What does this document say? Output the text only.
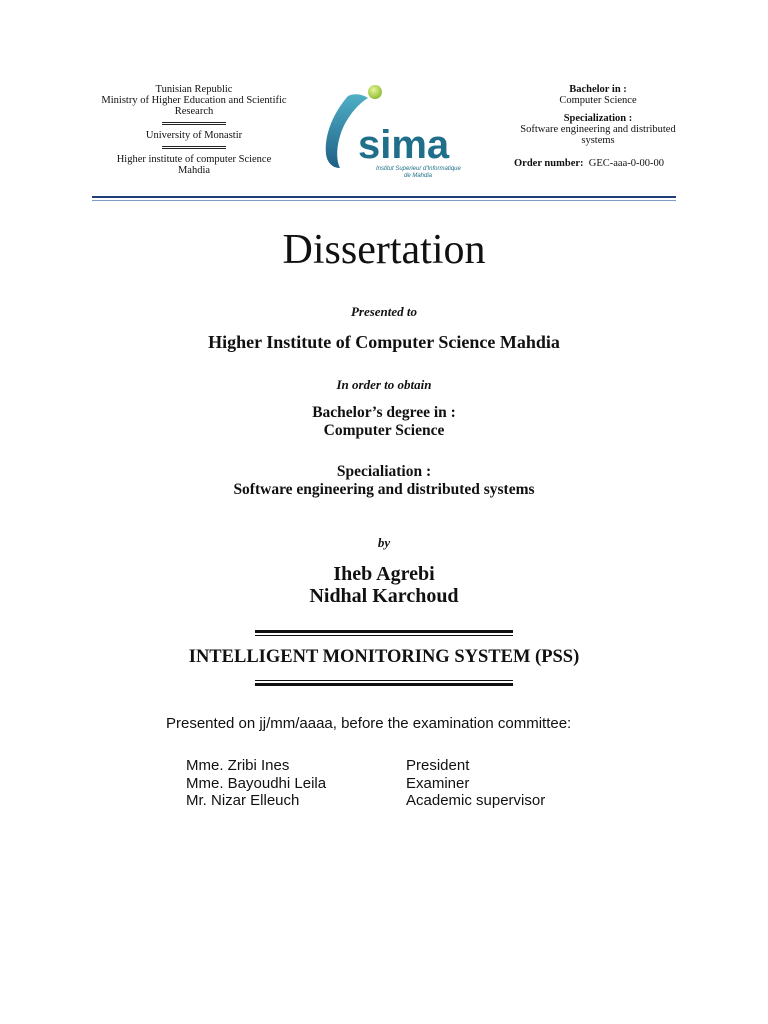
Tunisian Republic
Ministry of Higher Education and Scientific
Research
University of Monastir
Higher institute of computer Science
Mahdia
sima
Institut Superieur d'Informatique
de Mahdia
Bachelor in :
Computer Science
Specialization :
Software engineering and distributed
systems
Order number: GEC-aaa-0-00-00
Dissertation
Presented to
Higher Institute of Computer Science Mahdia
In order to obtain
Bachelor’s degree in :
Computer Science
Specialiation :
Software engineering and distributed systems
by
Iheb Agrebi
Nidhal Karchoud
INTELLIGENT MONITORING SYSTEM (PSS)
Presented on jj/mm/aaaa, before the examination committee:
Mme. Zribi Ines	President
Mme. Bayoudhi Leila	Examiner
Mr. Nizar Elleuch	Academic supervisor
